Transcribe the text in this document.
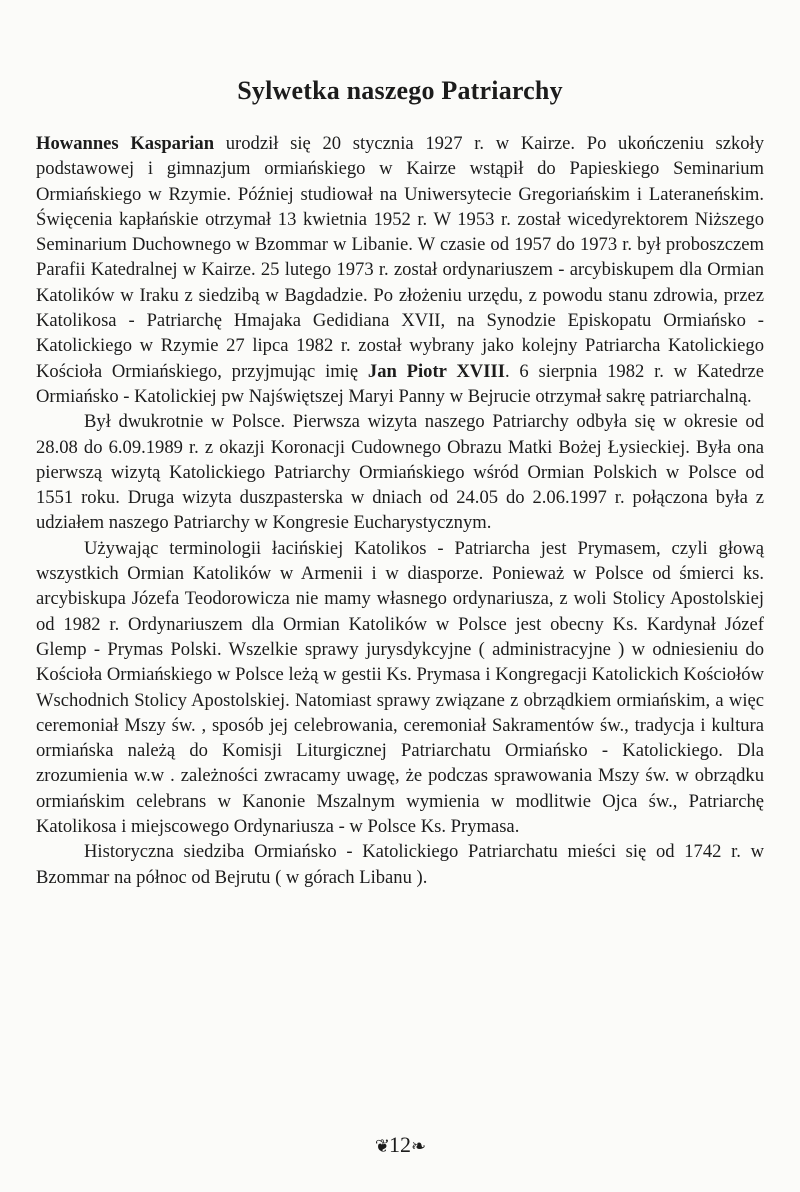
Sylwetka naszego Patriarchy

Howannes Kasparian urodził się 20 stycznia 1927 r. w Kairze. Po ukończeniu szkoły podstawowej i gimnazjum ormiańskiego w Kairze wstąpił do Papieskiego Seminarium Ormiańskiego w Rzymie. Później studiował na Uniwersytecie Gregoriańskim i Lateraneńskim. Święcenia kapłańskie otrzymał 13 kwietnia 1952 r. W 1953 r. został wicedyrektorem Niższego Seminarium Duchownego w Bzommar w Libanie. W czasie od 1957 do 1973 r. był proboszczem Parafii Katedralnej w Kairze. 25 lutego 1973 r. został ordynariuszem - arcybiskupem dla Ormian Katolików w Iraku z siedzibą w Bagdadzie. Po złożeniu urzędu, z powodu stanu zdrowia, przez Katolikosa - Patriarchę Hmajaka Gedidiana XVII, na Synodzie Episkopatu Ormiańsko - Katolickiego w Rzymie 27 lipca 1982 r. został wybrany jako kolejny Patriarcha Katolickiego Kościoła Ormiańskiego, przyjmując imię Jan Piotr XVIII. 6 sierpnia 1982 r. w Katedrze Ormiańsko - Katolickiej pw Najświętszej Maryi Panny w Bejrucie otrzymał sakrę patriarchalną.

Był dwukrotnie w Polsce. Pierwsza wizyta naszego Patriarchy odbyła się w okresie od 28.08 do 6.09.1989 r. z okazji Koronacji Cudownego Obrazu Matki Bożej Łysieckiej. Była ona pierwszą wizytą Katolickiego Patriarchy Ormiańskiego wśród Ormian Polskich w Polsce od 1551 roku. Druga wizyta duszpasterska w dniach od 24.05 do 2.06.1997 r. połączona była z udziałem naszego Patriarchy w Kongresie Eucharystycznym.

Używając terminologii łacińskiej Katolikos - Patriarcha jest Prymasem, czyli głową wszystkich Ormian Katolików w Armenii i w diasporze. Ponieważ w Polsce od śmierci ks. arcybiskupa Józefa Teodorowicza nie mamy własnego ordynariusza, z woli Stolicy Apostolskiej od 1982 r. Ordynariuszem dla Ormian Katolików w Polsce jest obecny Ks. Kardynał Józef Glemp - Prymas Polski. Wszelkie sprawy jurysdykcyjne ( administracyjne ) w odniesieniu do Kościoła Ormiańskiego w Polsce leżą w gestii Ks. Prymasa i Kongregacji Katolickich Kościołów Wschodnich Stolicy Apostolskiej. Natomiast sprawy związane z obrządkiem ormiańskim, a więc ceremoniał Mszy św. , sposób jej celebrowania, ceremoniał Sakramentów św., tradycja i kultura ormiańska należą do Komisji Liturgicznej Patriarchatu Ormiańsko - Katolickiego. Dla zrozumienia w.w . zależności zwracamy uwagę, że podczas sprawowania Mszy św. w obrządku ormiańskim celebrans w Kanonie Mszalnym wymienia w modlitwie Ojca św., Patriarchę Katolikosa i miejscowego Ordynariusza - w Polsce Ks. Prymasa.

Historyczna siedziba Ormiańsko - Katolickiego Patriarchatu mieści się od 1742 r. w Bzommar na północ od Bejrutu ( w górach Libanu ).

❦12❧
